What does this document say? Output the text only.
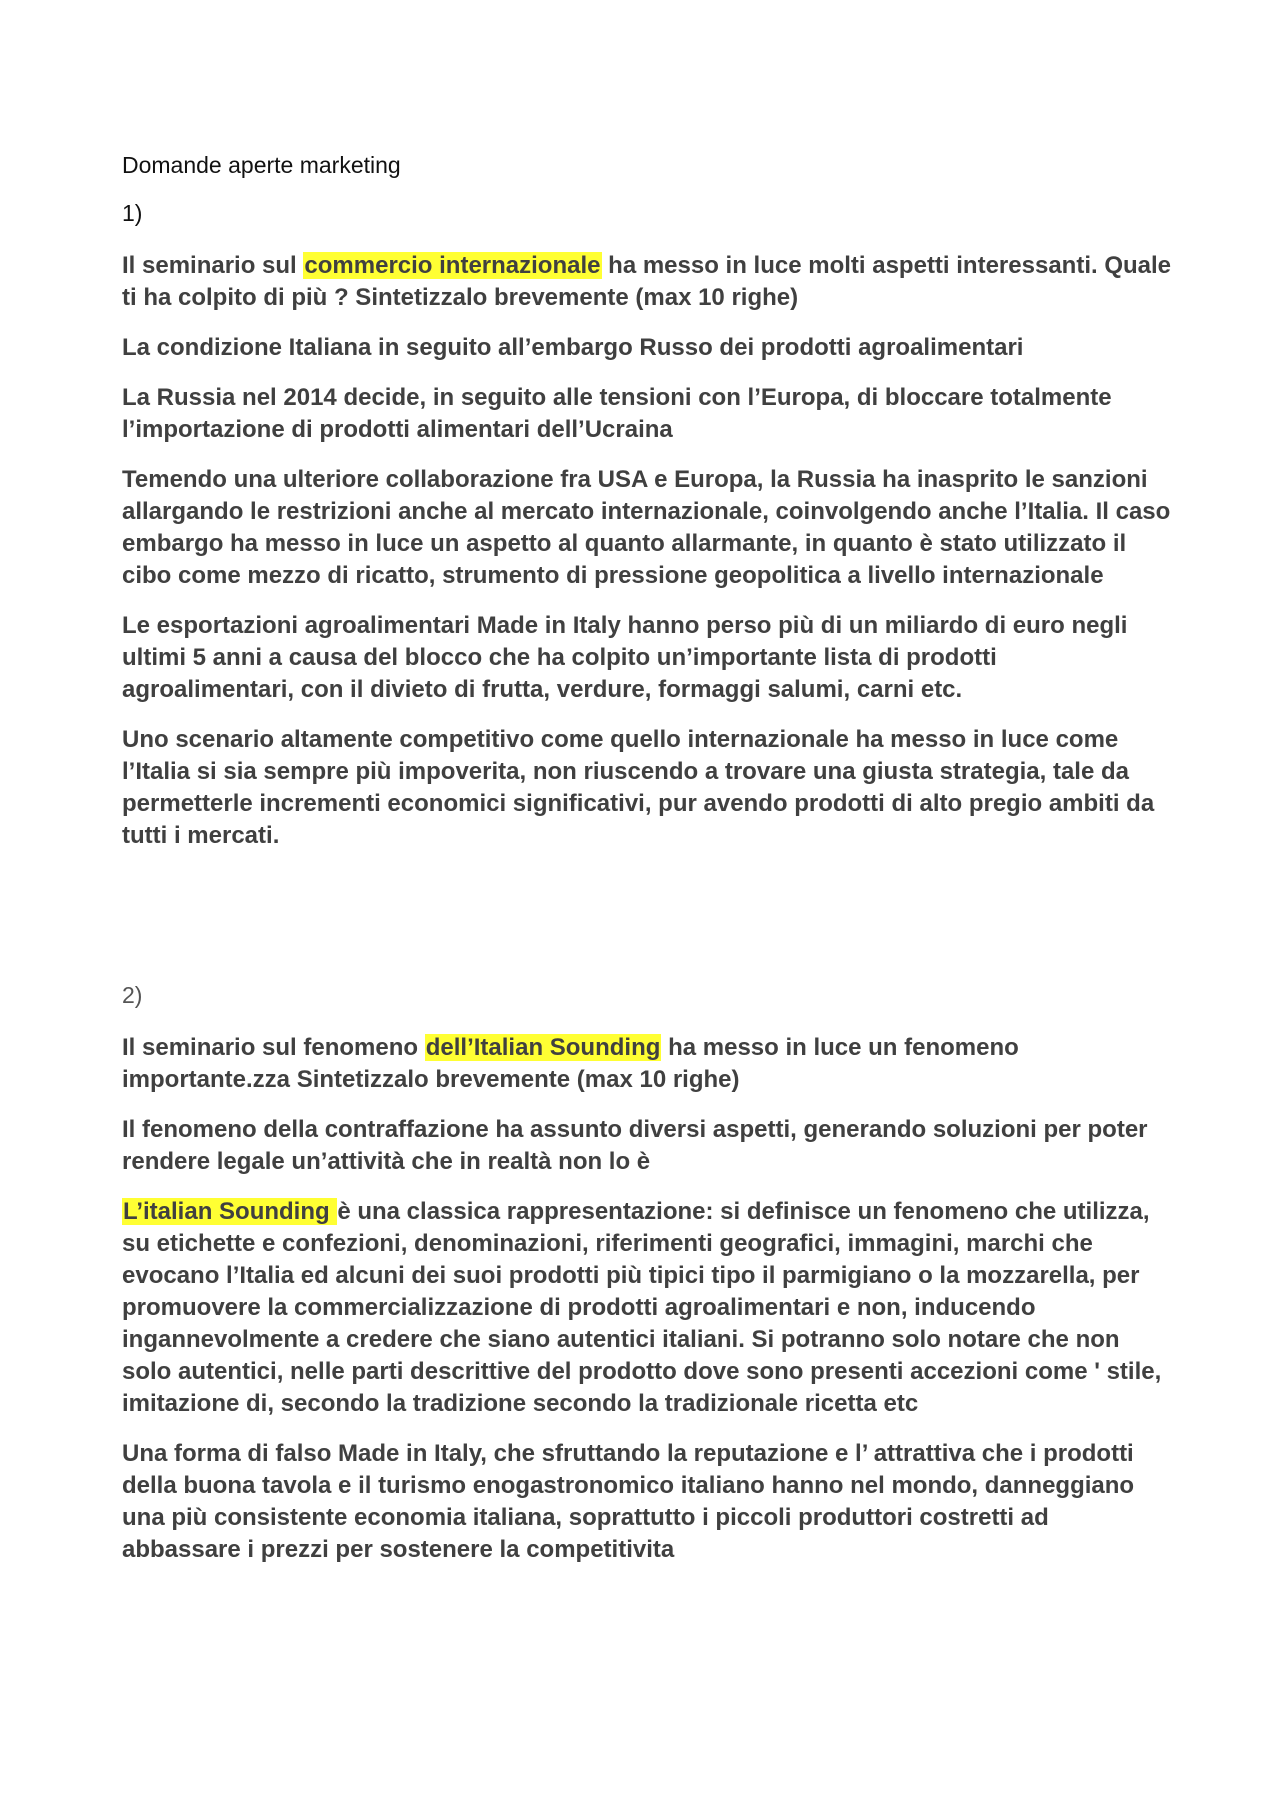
Domande aperte marketing

1)

Il seminario sul commercio internazionale ha messo in luce molti aspetti interessanti. Quale ti ha colpito di più ? Sintetizzalo brevemente (max 10 righe)

La condizione Italiana in seguito all’embargo Russo dei prodotti agroalimentari

La Russia nel 2014 decide, in seguito alle tensioni con l’Europa, di bloccare totalmente l’importazione di prodotti alimentari dell’Ucraina

Temendo una ulteriore collaborazione fra USA e Europa, la Russia ha inasprito le sanzioni allargando le restrizioni anche al mercato internazionale, coinvolgendo anche l’Italia. Il caso embargo ha messo in luce un aspetto al quanto allarmante, in quanto è stato utilizzato il cibo come mezzo di ricatto, strumento di pressione geopolitica a livello internazionale

Le esportazioni agroalimentari Made in Italy hanno perso più di un miliardo di euro negli ultimi 5 anni a causa del blocco che ha colpito un’importante lista di prodotti agroalimentari, con il divieto di frutta, verdure, formaggi salumi, carni etc.

Uno scenario altamente competitivo come quello internazionale ha messo in luce come l’Italia si sia sempre più impoverita, non riuscendo a trovare una giusta strategia, tale da permetterle incrementi economici significativi, pur avendo prodotti di alto pregio ambiti da tutti i mercati.

2)

Il seminario sul fenomeno dell’Italian Sounding ha messo in luce un fenomeno importante.zza Sintetizzalo brevemente (max 10 righe)

Il fenomeno della contraffazione ha assunto diversi aspetti, generando soluzioni per poter rendere legale un’attività che in realtà non lo è

L’italian Sounding è una classica rappresentazione: si definisce un fenomeno che utilizza, su etichette e confezioni, denominazioni, riferimenti geografici, immagini, marchi che evocano l’Italia ed alcuni dei suoi prodotti più tipici tipo il parmigiano o la mozzarella, per promuovere la commercializzazione di prodotti agroalimentari e non, inducendo ingannevolmente a credere che siano autentici italiani. Si potranno solo notare che non solo autentici, nelle parti descrittive del prodotto dove sono presenti accezioni come ' stile, imitazione di, secondo la tradizione secondo la tradizionale ricetta etc

Una forma di falso Made in Italy, che sfruttando la reputazione e l’ attrattiva che i prodotti della buona tavola e il turismo enogastronomico italiano hanno nel mondo, danneggiano una più consistente economia italiana, soprattutto i piccoli produttori costretti ad abbassare i prezzi per sostenere la competitivita
